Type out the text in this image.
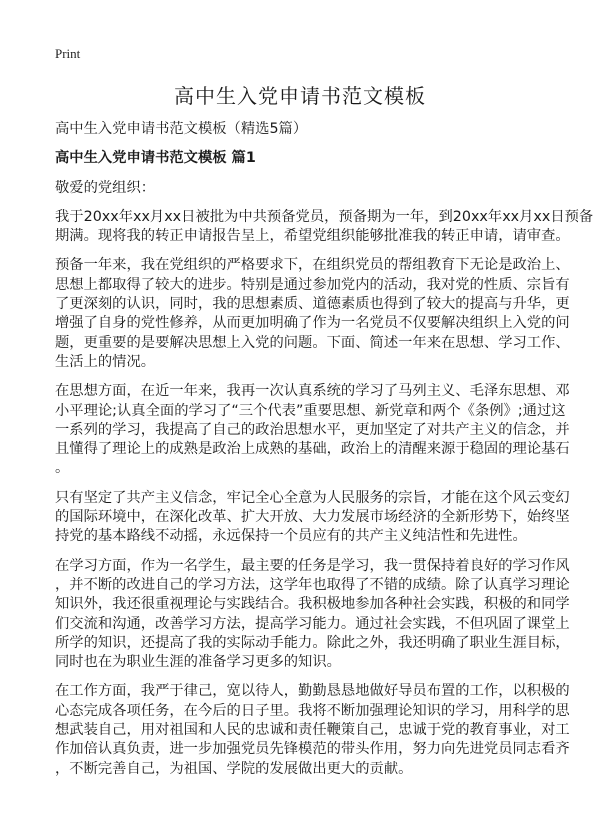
Print
高中生入党申请书范文模板
高中生入党申请书范文模板（精选5篇）
高中生入党申请书范文模板 篇1
敬爱的党组织：
我于20xx年xx月xx日被批为中共预备党员，预备期为一年，到20xx年xx月xx日预备
期满。现将我的转正申请报告呈上，希望党组织能够批准我的转正申请，请审查。
预备一年来，我在党组织的严格要求下，在组织党员的帮组教育下无论是政治上、
思想上都取得了较大的进步。特别是通过参加党内的活动，我对党的性质、宗旨有
了更深刻的认识，同时，我的思想素质、道德素质也得到了较大的提高与升华，更
增强了自身的党性修养，从而更加明确了作为一名党员不仅要解决组织上入党的问
题，更重要的是要解决思想上入党的问题。下面、简述一年来在思想、学习工作、
生活上的情况。
在思想方面，在近一年来，我再一次认真系统的学习了马列主义、毛泽东思想、邓
小平理论;认真全面的学习了“三个代表”重要思想、新党章和两个《条例》;通过这
一系列的学习，我提高了自己的政治思想水平，更加坚定了对共产主义的信念，并
且懂得了理论上的成熟是政治上成熟的基础，政治上的清醒来源于稳固的理论基石
。
只有坚定了共产主义信念，牢记全心全意为人民服务的宗旨，才能在这个风云变幻
的国际环境中，在深化改革、扩大开放、大力发展市场经济的全新形势下，始终坚
持党的基本路线不动摇，永远保持一个员应有的共产主义纯洁性和先进性。
在学习方面，作为一名学生，最主要的任务是学习，我一贯保持着良好的学习作风
，并不断的改进自己的学习方法，这学年也取得了不错的成绩。除了认真学习理论
知识外，我还很重视理论与实践结合。我积极地参加各种社会实践，积极的和同学
们交流和沟通，改善学习方法，提高学习能力。通过社会实践，不但巩固了课堂上
所学的知识，还提高了我的实际动手能力。除此之外，我还明确了职业生涯目标，
同时也在为职业生涯的准备学习更多的知识。
在工作方面，我严于律己，宽以待人，勤勤恳恳地做好导员布置的工作，以积极的
心态完成各项任务，在今后的日子里。我将不断加强理论知识的学习，用科学的思
想武装自己，用对祖国和人民的忠诚和责任鞭策自己，忠诚于党的教育事业，对工
作加倍认真负责，进一步加强党员先锋模范的带头作用，努力向先进党员同志看齐
，不断完善自己，为祖国、学院的发展做出更大的贡献。
